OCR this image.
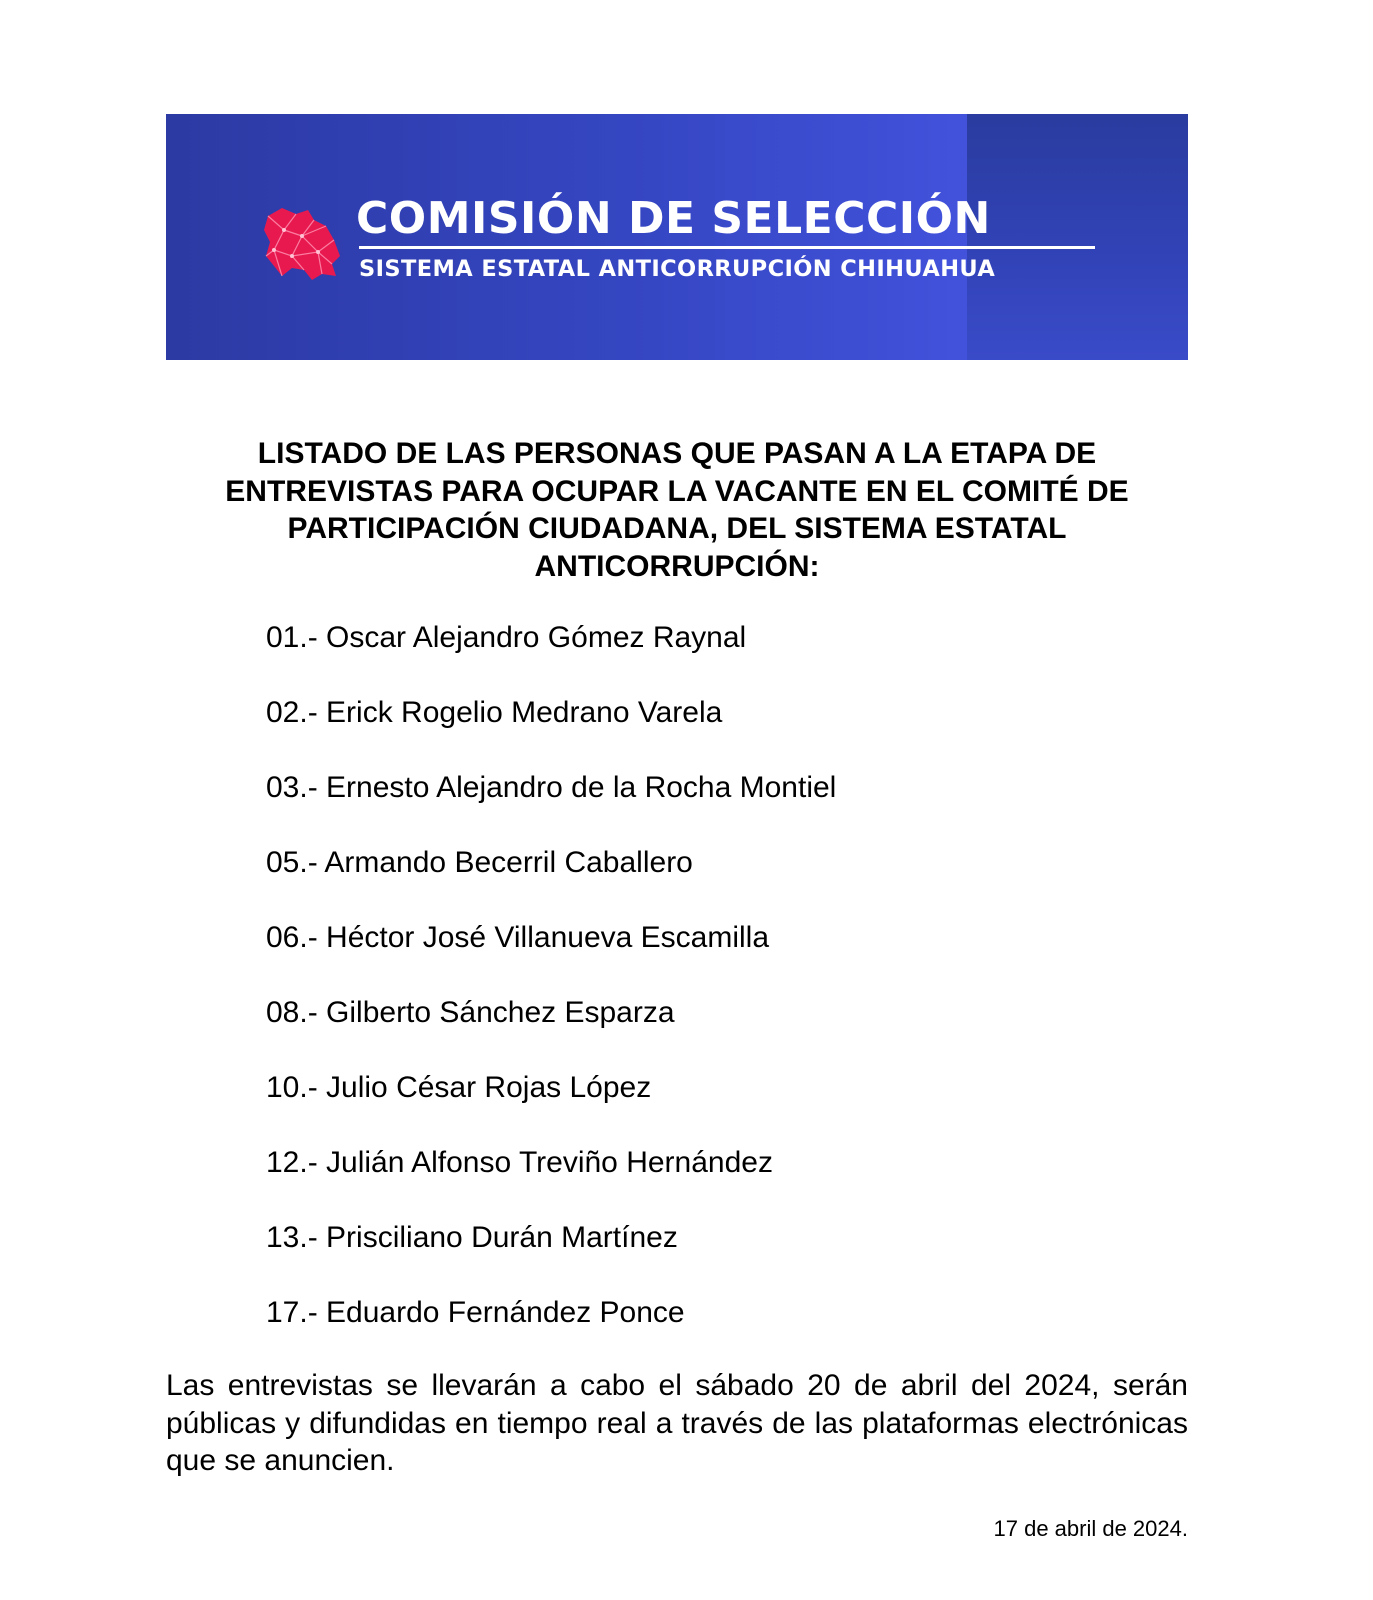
COMISIÓN DE SELECCIÓN
SISTEMA ESTATAL ANTICORRUPCIÓN CHIHUAHUA
LISTADO DE LAS PERSONAS QUE PASAN A LA ETAPA DE
ENTREVISTAS PARA OCUPAR LA VACANTE EN EL COMITÉ DE
PARTICIPACIÓN CIUDADANA, DEL SISTEMA ESTATAL
ANTICORRUPCIÓN:
01.- Oscar Alejandro Gómez Raynal
02.- Erick Rogelio Medrano Varela
03.- Ernesto Alejandro de la Rocha Montiel
05.- Armando Becerril Caballero
06.- Héctor José Villanueva Escamilla
08.- Gilberto Sánchez Esparza
10.- Julio César Rojas López
12.- Julián Alfonso Treviño Hernández
13.- Prisciliano Durán Martínez
17.- Eduardo Fernández Ponce

Las entrevistas se llevarán a cabo el sábado 20 de abril del 2024, serán públicas y difundidas en tiempo real a través de las plataformas electrónicas que se anuncien.

17 de abril de 2024.
